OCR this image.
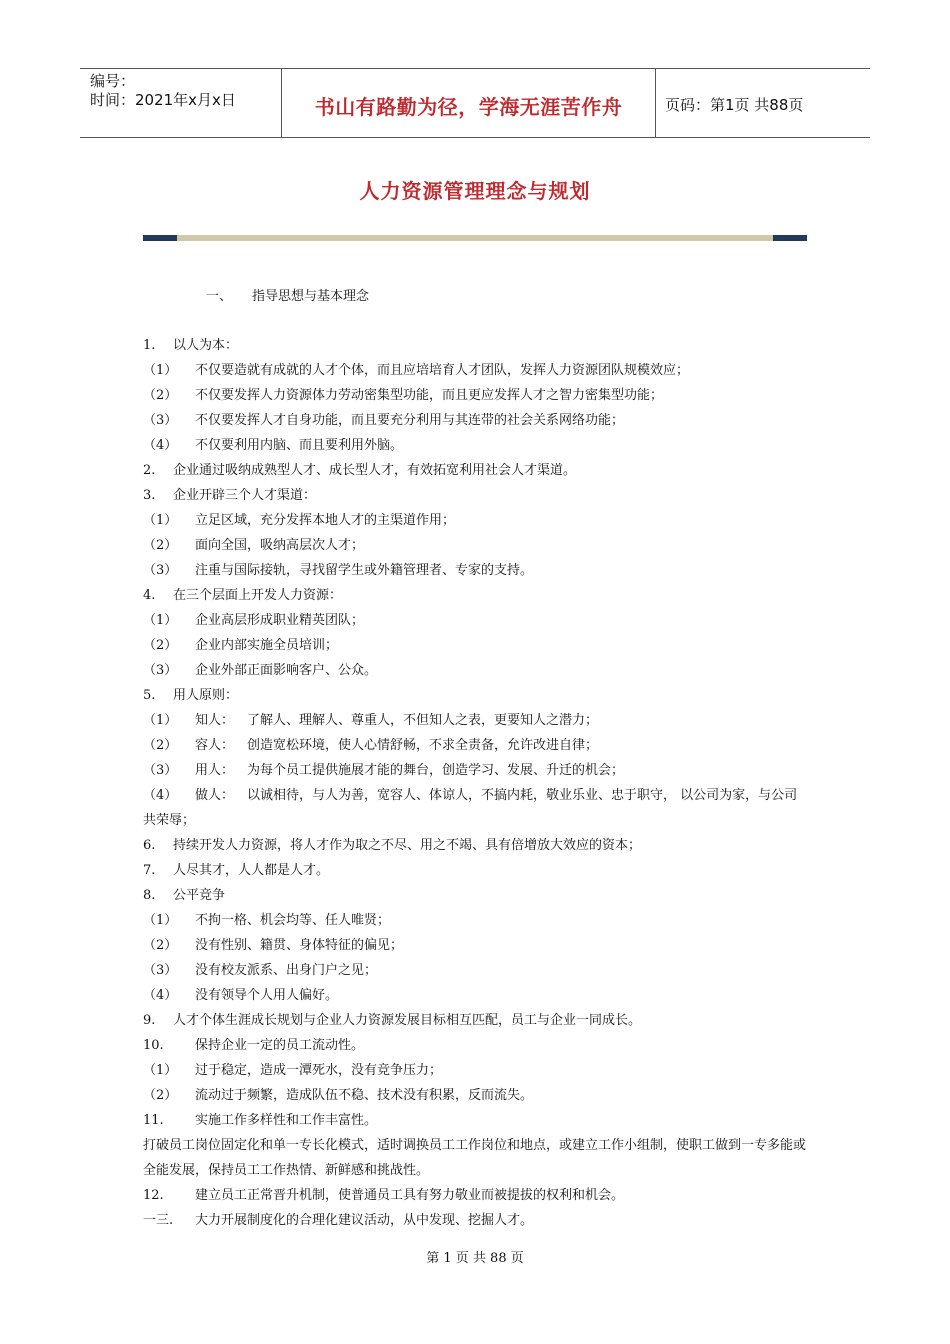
编号：
时间：2021年x月x日	书山有路勤为径，学海无涯苦作舟	页码：第1页 共88页
人力资源管理理念与规划
一、 指导思想与基本理念
1. 以人为本：
（1） 不仅要造就有成就的人才个体，而且应培培育人才团队，发挥人力资源团队规模效应；
（2） 不仅要发挥人力资源体力劳动密集型功能，而且更应发挥人才之智力密集型功能；
（3） 不仅要发挥人才自身功能，而且要充分利用与其连带的社会关系网络功能；
（4） 不仅要利用内脑、而且要利用外脑。
2. 企业通过吸纳成熟型人才、成长型人才，有效拓宽利用社会人才渠道。
3. 企业开辟三个人才渠道：
（1） 立足区域，充分发挥本地人才的主渠道作用；
（2） 面向全国，吸纳高层次人才；
（3） 注重与国际接轨，寻找留学生或外籍管理者、专家的支持。
4. 在三个层面上开发人力资源：
（1） 企业高层形成职业精英团队；
（2） 企业内部实施全员培训；
（3） 企业外部正面影响客户、公众。
5. 用人原则：
（1） 知人： 了解人、理解人、尊重人，不但知人之表，更要知人之潜力；
（2） 容人： 创造宽松环境，使人心情舒畅，不求全责备，允许改进自律；
（3） 用人： 为每个员工提供施展才能的舞台，创造学习、发展、升迁的机会；
（4） 做人： 以诚相待，与人为善，宽容人、体谅人，不搞内耗，敬业乐业、忠于职守， 以公司为家，与公司共荣辱；
6. 持续开发人力资源，将人才作为取之不尽、用之不竭、具有倍增放大效应的资本；
7. 人尽其才，人人都是人才。
8. 公平竞争
（1） 不拘一格、机会均等、任人唯贤；
（2） 没有性别、籍贯、身体特征的偏见；
（3） 没有校友派系、出身门户之见；
（4） 没有领导个人用人偏好。
9. 人才个体生涯成长规划与企业人力资源发展目标相互匹配，员工与企业一同成长。
10. 保持企业一定的员工流动性。
（1） 过于稳定，造成一潭死水，没有竞争压力；
（2） 流动过于频繁，造成队伍不稳、技术没有积累，反而流失。
11. 实施工作多样性和工作丰富性。
打破员工岗位固定化和单一专长化模式，适时调换员工工作岗位和地点，或建立工作小组制，使职工做到一专多能或全能发展，保持员工工作热情、新鲜感和挑战性。
12. 建立员工正常晋升机制，使普通员工具有努力敬业而被提拔的权利和机会。
一三. 大力开展制度化的合理化建议活动，从中发现、挖掘人才。
第 1 页 共 88 页
